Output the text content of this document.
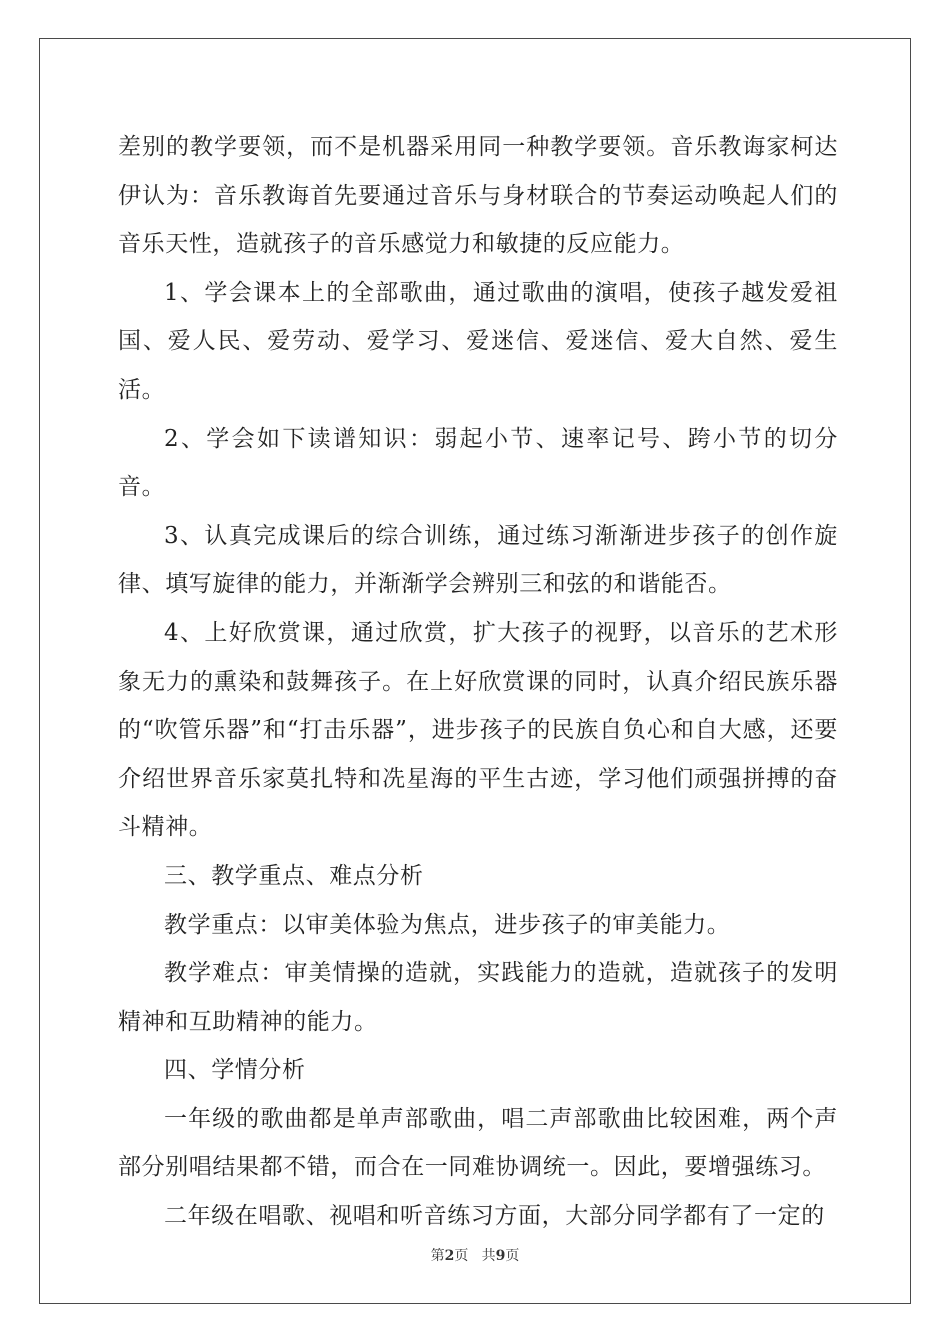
差别的教学要领，而不是机器采用同一种教学要领。音乐教诲家柯达伊认为：音乐教诲首先要通过音乐与身材联合的节奏运动唤起人们的音乐天性，造就孩子的音乐感觉力和敏捷的反应能力。

1、学会课本上的全部歌曲，通过歌曲的演唱，使孩子越发爱祖国、爱人民、爱劳动、爱学习、爱迷信、爱迷信、爱大自然、爱生活。

2、学会如下读谱知识：弱起小节、速率记号、跨小节的切分音。

3、认真完成课后的综合训练，通过练习渐渐进步孩子的创作旋律、填写旋律的能力，并渐渐学会辨别三和弦的和谐能否。

4、上好欣赏课，通过欣赏，扩大孩子的视野，以音乐的艺术形象无力的熏染和鼓舞孩子。在上好欣赏课的同时，认真介绍民族乐器的“吹管乐器”和“打击乐器”，进步孩子的民族自负心和自大感，还要介绍世界音乐家莫扎特和冼星海的平生古迹，学习他们顽强拼搏的奋斗精神。

三、教学重点、难点分析

教学重点：以审美体验为焦点，进步孩子的审美能力。

教学难点：审美情操的造就，实践能力的造就，造就孩子的发明精神和互助精神的能力。

四、学情分析

一年级的歌曲都是单声部歌曲，唱二声部歌曲比较困难，两个声部分别唱结果都不错，而合在一同难协调统一。因此，要增强练习。

二年级在唱歌、视唱和听音练习方面，大部分同学都有了一定的

第2页 共9页
